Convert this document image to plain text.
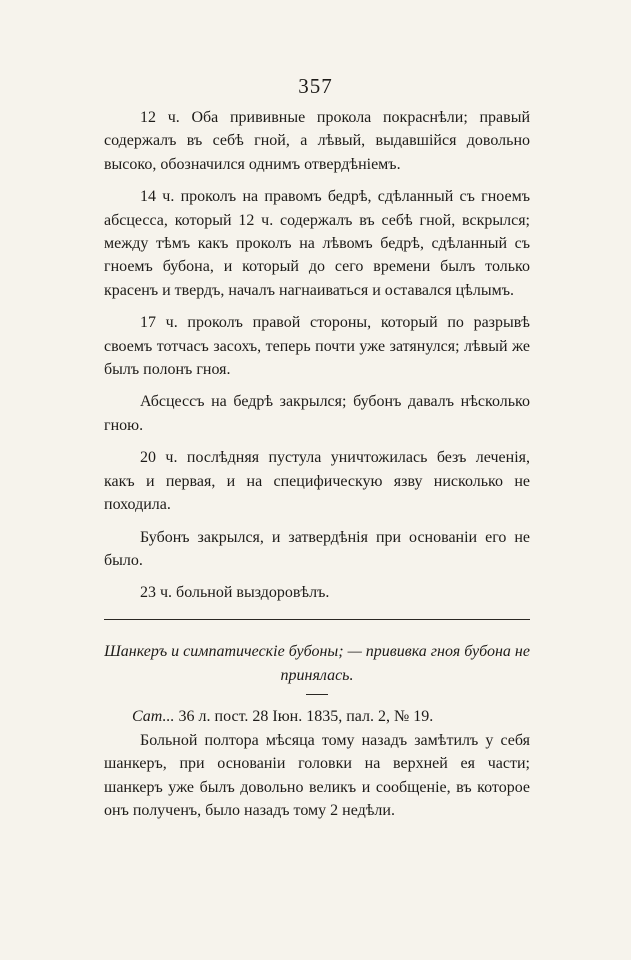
357

12 ч. Оба прививные прокола покраснѣли; правый содержалъ въ себѣ гной, а лѣвый, выдавшійся довольно высоко, обозначился однимъ отвердѣніемъ.

14 ч. проколъ на правомъ бедрѣ, сдѣланный съ гноемъ абсцесса, который 12 ч. содержалъ въ себѣ гной, вскрылся; между тѣмъ какъ проколъ на лѣвомъ бедрѣ, сдѣланный съ гноемъ бубона, и который до сего времени былъ только красенъ и твердъ, началъ нагнаиваться и оставался цѣлымъ.

17 ч. проколъ правой стороны, который по разрывѣ своемъ тотчасъ засохъ, теперь почти уже затянулся; лѣвый же былъ полонъ гноя.

Абсцессъ на бедрѣ закрылся; бубонъ давалъ нѣсколько гною.

20 ч. послѣдняя пустула уничтожилась безъ леченія, какъ и первая, и на специфическую язву нисколько не походила.

Бубонъ закрылся, и затвердѣнія при основаніи его не было.

23 ч. больной выздоровѣлъ.

Шанкеръ и симпатическіе бубоны; — прививка гноя бубона не принялась.

Сат... 36 л. пост. 28 Іюн. 1835, пал. 2, № 19.

Больной полтора мѣсяца тому назадъ замѣтилъ у себя шанкеръ, при основаніи головки на верхней ея части; шанкеръ уже былъ довольно великъ и сообщеніе, въ которое онъ полученъ, было назадъ тому 2 недѣли.
